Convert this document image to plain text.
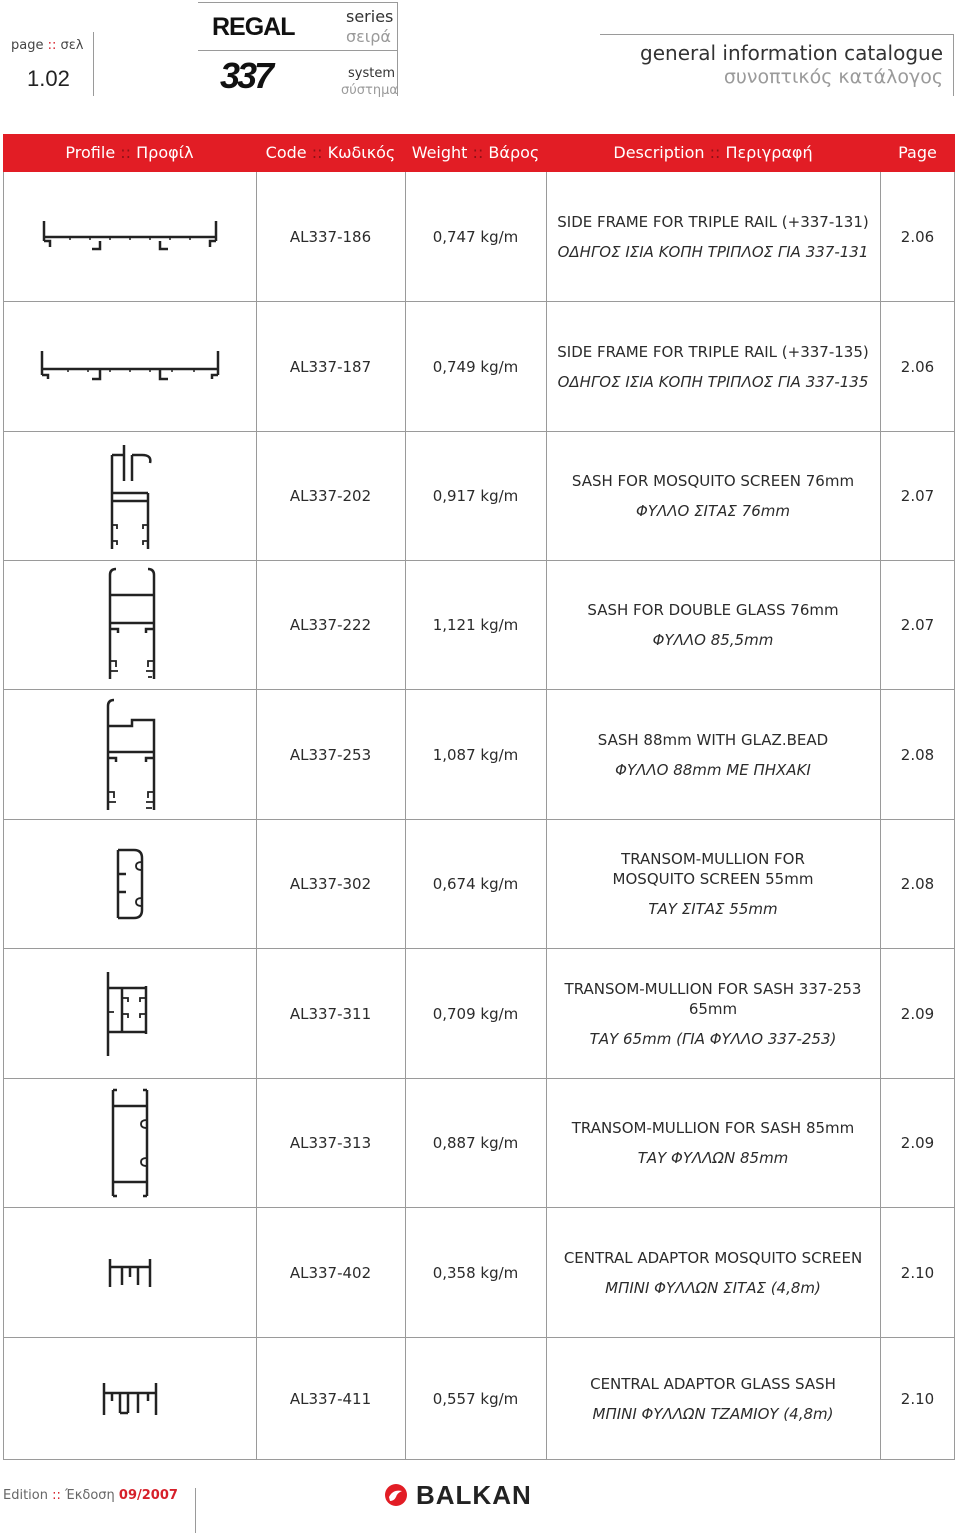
page :: σελ
1.02
REGAL
337
series
σειρά
system
σύστημα
general information catalogue
συνοπτικός κατάλογος
Profile :: Προφίλ	Code :: Κωδικός	Weight :: Βάρος	Description :: Περιγραφή	Page
AL337-186	0,747 kg/m
SIDE FRAME FOR TRIPLE RAIL (+337-131)
ΟΔΗΓΟΣ ΙΣΙΑ ΚΟΠΗ ΤΡΙΠΛΟΣ ΓΙΑ 337-131
2.06
AL337-187	0,749 kg/m
SIDE FRAME FOR TRIPLE RAIL (+337-135)
ΟΔΗΓΟΣ ΙΣΙΑ ΚΟΠΗ ΤΡΙΠΛΟΣ ΓΙΑ 337-135
2.06
AL337-202	0,917 kg/m
SASH FOR MOSQUITO SCREEN 76mm
ΦΥΛΛΟ ΣΙΤΑΣ 76mm
2.07
AL337-222	1,121 kg/m
SASH FOR DOUBLE GLASS 76mm
ΦΥΛΛΟ 85,5mm
2.07
AL337-253	1,087 kg/m
SASH 88mm WITH GLAZ.BEAD
ΦΥΛΛΟ 88mm ΜΕ ΠΗΧΑΚΙ
2.08
AL337-302	0,674 kg/m
TRANSOM-MULLION FOR
MOSQUITO SCREEN 55mm
ΤΑΥ ΣΙΤΑΣ 55mm
2.08
AL337-311	0,709 kg/m
TRANSOM-MULLION FOR SASH 337-253
65mm
ΤΑΥ 65mm (ΓΙΑ ΦΥΛΛΟ 337-253)
2.09
AL337-313	0,887 kg/m
TRANSOM-MULLION FOR SASH 85mm
ΤΑΥ ΦΥΛΛΩΝ 85mm
2.09
AL337-402	0,358 kg/m
CENTRAL ADAPTOR MOSQUITO SCREEN
ΜΠΙΝΙ ΦΥΛΛΩΝ ΣΙΤΑΣ (4,8m)
2.10
AL337-411	0,557 kg/m
CENTRAL ADAPTOR GLASS SASH
ΜΠΙΝΙ ΦΥΛΛΩΝ ΤΖΑΜΙΟΥ (4,8m)
2.10
Edition :: Έκδοση 09/2007	BALKAN
